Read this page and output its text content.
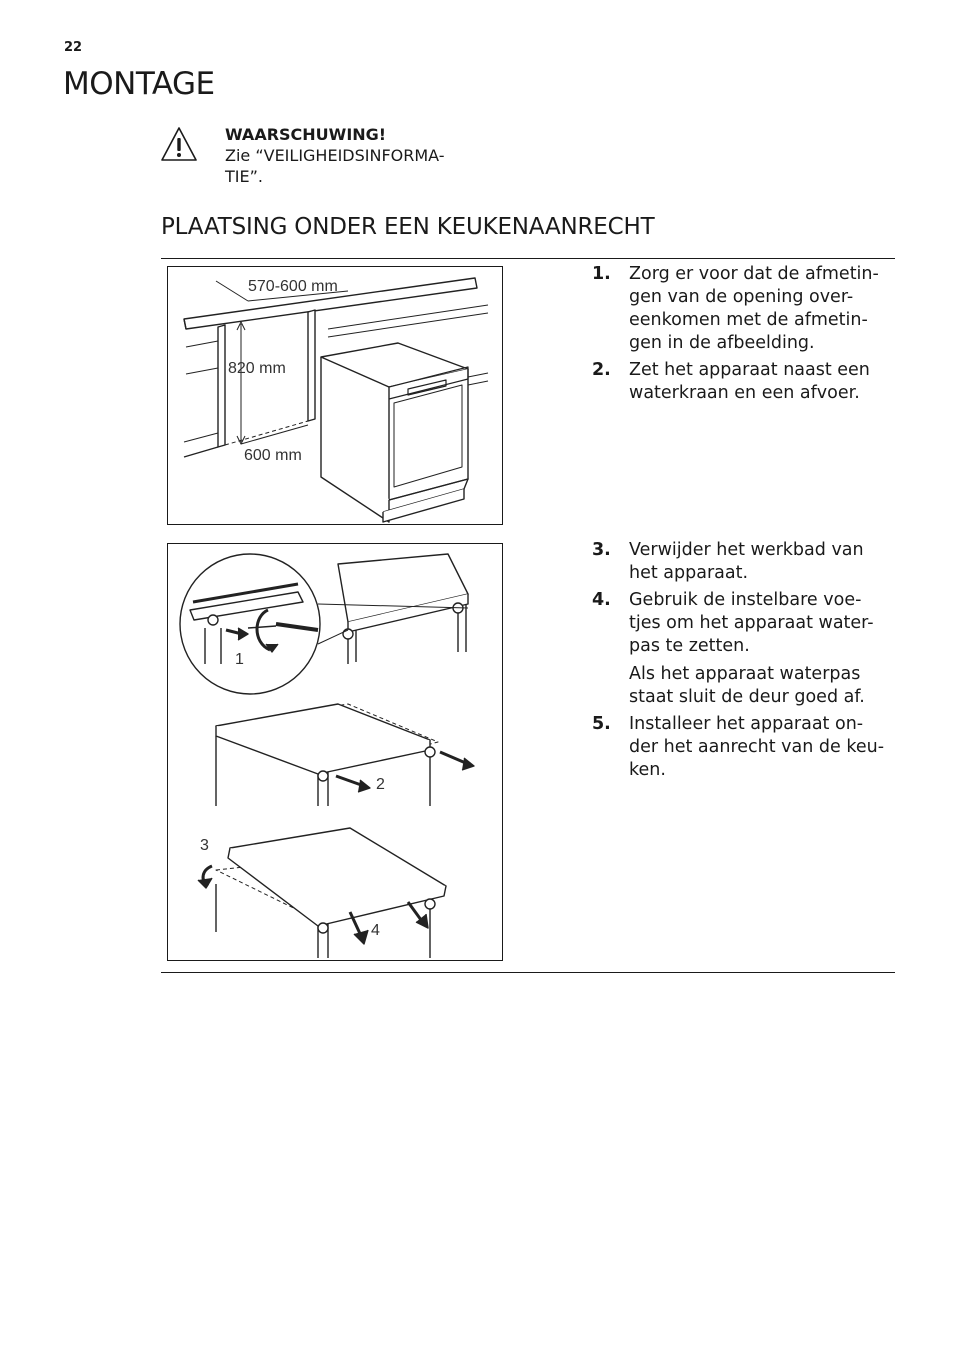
22
MONTAGE
WAARSCHUWING!
Zie “VEILIGHEIDSINFORMA-
TIE”.
PLAATSING ONDER EEN KEUKENAANRECHT
570-600 mm
820 mm
600 mm
1
2
3
4
1. Zorg er voor dat de afmetin-gen van de opening over-eenkomen met de afmetin-gen in de afbeelding.
2. Zet het apparaat naast een waterkraan en een afvoer.
3. Verwijder het werkbad van het apparaat.
4. Gebruik de instelbare voe-tjes om het apparaat water-pas te zetten.
Als het apparaat waterpas staat sluit de deur goed af.
5. Installeer het apparaat on-der het aanrecht van de keu-ken.
